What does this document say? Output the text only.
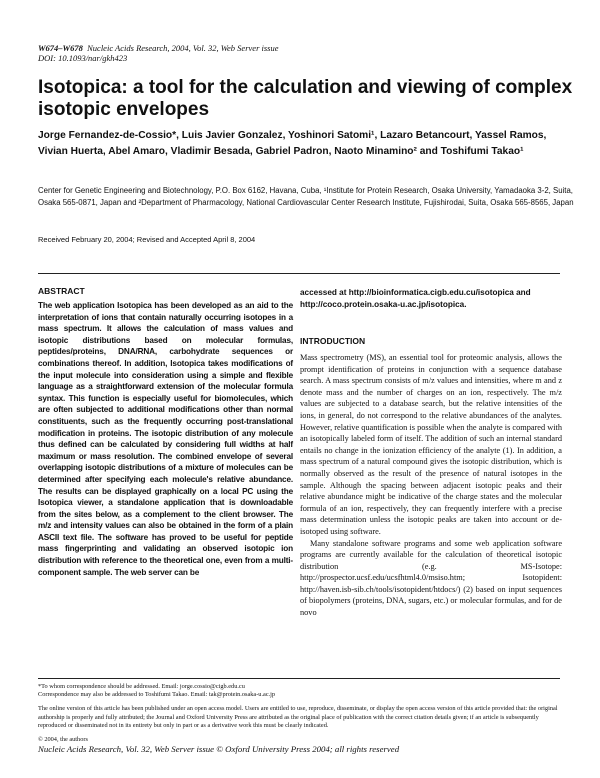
W674–W678 Nucleic Acids Research, 2004, Vol. 32, Web Server issue
DOI: 10.1093/nar/gkh423
Isotopica: a tool for the calculation and viewing of complex isotopic envelopes
Jorge Fernandez-de-Cossio*, Luis Javier Gonzalez, Yoshinori Satomi¹, Lazaro Betancourt, Yassel Ramos, Vivian Huerta, Abel Amaro, Vladimir Besada, Gabriel Padron, Naoto Minamino² and Toshifumi Takao¹
Center for Genetic Engineering and Biotechnology, P.O. Box 6162, Havana, Cuba, ¹Institute for Protein Research, Osaka University, Yamadaoka 3-2, Suita, Osaka 565-0871, Japan and ²Department of Pharmacology, National Cardiovascular Center Research Institute, Fujishirodai, Suita, Osaka 565-8565, Japan
Received February 20, 2004; Revised and Accepted April 8, 2004
ABSTRACT
The web application Isotopica has been developed as an aid to the interpretation of ions that contain naturally occurring isotopes in a mass spectrum. It allows the calculation of mass values and isotopic distributions based on molecular formulas, peptides/proteins, DNA/RNA, carbohydrate sequences or combinations thereof. In addition, Isotopica takes modifications of the input molecule into consideration using a simple and flexible language as a straightforward extension of the molecular formula syntax. This function is especially useful for biomolecules, which are often subjected to additional modifications other than normal constituents, such as the frequently occurring post-translational modification in proteins. The isotopic distribution of any molecule thus defined can be calculated by considering full widths at half maximum or mass resolution. The combined envelope of several overlapping isotopic distributions of a mixture of molecules can be determined after specifying each molecule's relative abundance. The results can be displayed graphically on a local PC using the Isotopica viewer, a standalone application that is downloadable from the sites below, as a complement to the client browser. The m/z and intensity values can also be obtained in the form of a plain ASCII text file. The software has proved to be useful for peptide mass fingerprinting and validating an observed isotopic ion distribution with reference to the theoretical one, even from a multi-component sample. The web server can be
accessed at http://bioinformatica.cigb.edu.cu/isotopica and http://coco.protein.osaka-u.ac.jp/isotopica.
INTRODUCTION

Mass spectrometry (MS), an essential tool for proteomic analysis, allows the prompt identification of proteins in conjunction with a sequence database search. A mass spectrum consists of m/z values and intensities, where m and z denote mass and the number of charges on an ion, respectively. The m/z values are subjected to a database search, but the relative intensities of the ions, in general, do not correspond to the relative abundances of the analytes. However, relative quantification is possible when the analyte is compared with an isotopically labeled form of itself. The addition of such an internal standard entails no change in the ionization efficiency of the analyte (1). In addition, a mass spectrum of a natural compound gives the isotopic distribution, which is normally observed as the result of the presence of natural isotopes in the sample. Although the spacing between adjacent isotopic peaks and their relative abundance might be indicative of the charge states and the molecular formula of an ion, respectively, they can frequently interfere with a precise mass determination unless the isotopic peaks are taken into account or de-isotoped using software.

Many standalone software programs and some web application software programs are currently available for the calculation of theoretical isotopic distribution (e.g. MS-Isotope: http://prospector.ucsf.edu/ucsfhtml4.0/msiso.htm; Isotopident: http://haven.isb-sib.ch/tools/isotopident/htdocs/) (2) based on input sequences of biopolymers (proteins, DNA, sugars, etc.) or molecular formulas, and for de novo

*To whom correspondence should be addressed. Email: jorge.cossio@cigb.edu.cu

Correspondence may also be addressed to Toshifumi Takao. Email: tak@protein.osaka-u.ac.jp

The online version of this article has been published under an open access model. Users are entitled to use, reproduce, disseminate, or display the open access version of this article provided that: the original authorship is properly and fully attributed; the Journal and Oxford University Press are attributed as the original place of publication with the correct citation details given; if an article is subsequently reproduced or disseminated not in its entirety but only in part or as a derivative work this must be clearly indicated.

© 2004, the authors

Nucleic Acids Research, Vol. 32, Web Server issue © Oxford University Press 2004; all rights reserved
